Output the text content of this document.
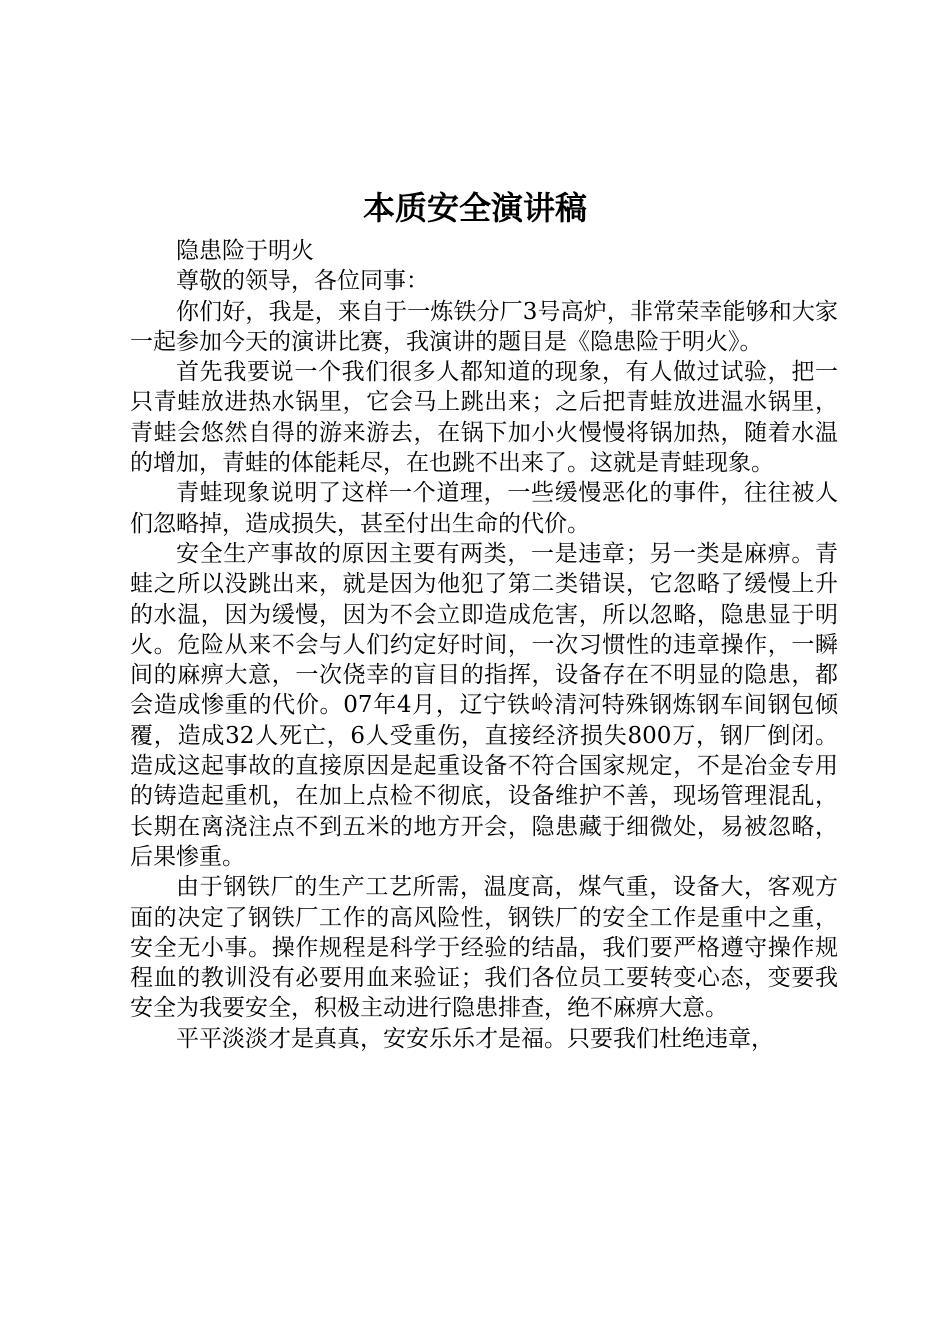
本质安全演讲稿

隐患险于明火

尊敬的领导，各位同事：

你们好，我是，来自于一炼铁分厂3号高炉，非常荣幸能够和大家一起参加今天的演讲比赛，我演讲的题目是《隐患险于明火》。

首先我要说一个我们很多人都知道的现象，有人做过试验，把一只青蛙放进热水锅里，它会马上跳出来；之后把青蛙放进温水锅里，青蛙会悠然自得的游来游去，在锅下加小火慢慢将锅加热，随着水温的增加，青蛙的体能耗尽，在也跳不出来了。这就是青蛙现象。

青蛙现象说明了这样一个道理，一些缓慢恶化的事件，往往被人们忽略掉，造成损失，甚至付出生命的代价。

安全生产事故的原因主要有两类，一是违章；另一类是麻痹。青蛙之所以没跳出来，就是因为他犯了第二类错误，它忽略了缓慢上升的水温，因为缓慢，因为不会立即造成危害，所以忽略，隐患显于明火。危险从来不会与人们约定好时间，一次习惯性的违章操作，一瞬间的麻痹大意，一次侥幸的盲目的指挥，设备存在不明显的隐患，都会造成惨重的代价。07年4月，辽宁铁岭清河特殊钢炼钢车间钢包倾覆，造成32人死亡，6人受重伤，直接经济损失800万，钢厂倒闭。造成这起事故的直接原因是起重设备不符合国家规定，不是冶金专用的铸造起重机，在加上点检不彻底，设备维护不善，现场管理混乱，长期在离浇注点不到五米的地方开会，隐患藏于细微处，易被忽略，后果惨重。

由于钢铁厂的生产工艺所需，温度高，煤气重，设备大，客观方面的决定了钢铁厂工作的高风险性，钢铁厂的安全工作是重中之重，安全无小事。操作规程是科学于经验的结晶，我们要严格遵守操作规程血的教训没有必要用血来验证；我们各位员工要转变心态，变要我安全为我要安全，积极主动进行隐患排查，绝不麻痹大意。

平平淡淡才是真真，安安乐乐才是福。只要我们杜绝违章，
